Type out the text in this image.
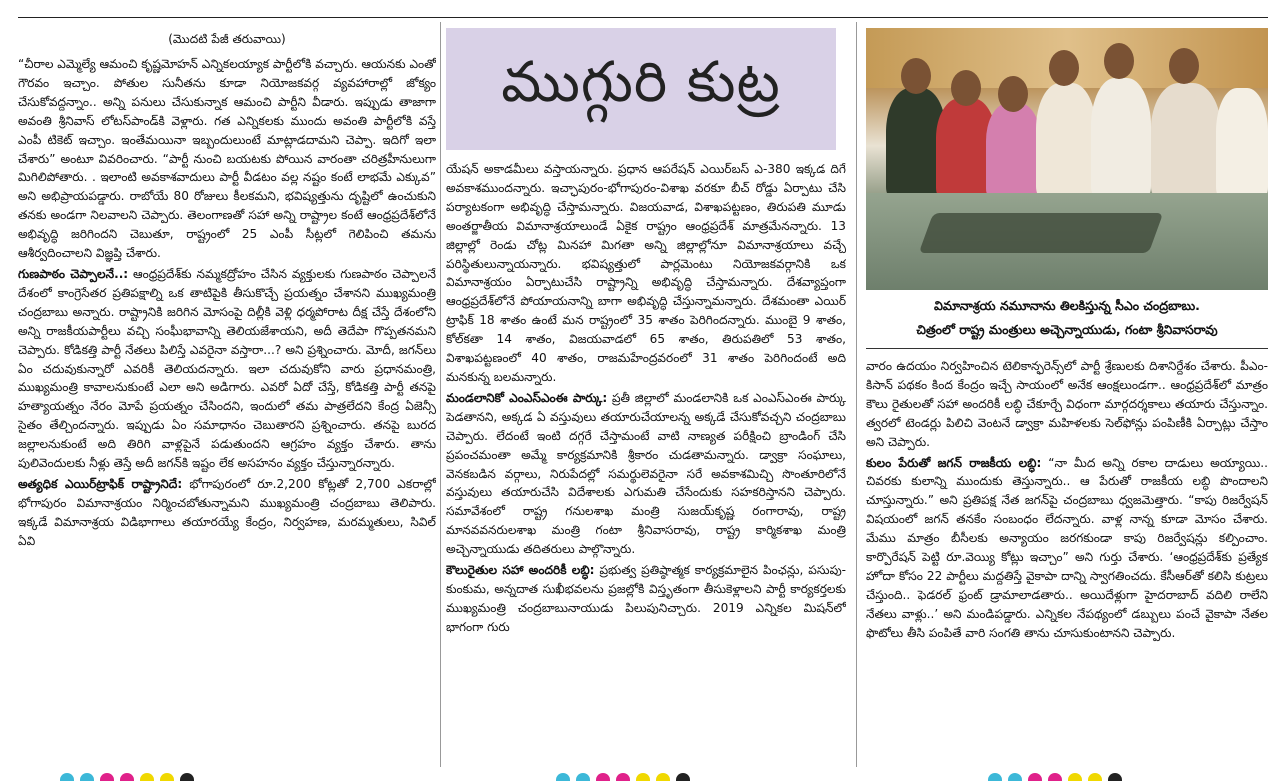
(మొదటి పేజీ తరువాయి)

“చీరాల ఎమ్మెల్యే ఆమంచి కృష్ణమోహన్ ఎన్నికలయ్యాక పార్టీలోకి వచ్చారు. ఆయనకు ఎంతో గౌరవం ఇచ్చాం. పోతుల సునీతను కూడా నియోజకవర్గ వ్యవహారాల్లో జోక్యం చేసుకోవద్దన్నాం.. అన్ని పనులు చేసుకున్నాక ఆమంచి పార్టీని వీడారు. ఇప్పుడు తాజాగా అవంతి శ్రీనివాస్ లోటస్‌పాండ్‌కి వెళ్లారు. గత ఎన్నికలకు ముందు అవంతి పార్టీలోకి వస్తే ఎంపీ టికెట్ ఇచ్చాం. ఇంతేమయినా ఇబ్బందులుంటే మాట్లాడదామని చెప్పా. ఇదిగో ఇలా చేశారు” అంటూ వివరించారు. “పార్టీ నుంచి బయటకు పోయిన వారంతా చరిత్రహీనులుగా మిగిలిపోతారు. . ఇలాంటి అవకాశవాదులు పార్టీ వీడటం వల్ల నష్టం కంటే లాభమే ఎక్కువ” అని అభిప్రాయపడ్డారు. రాబోయే 80 రోజులు కీలకమని, భవిష్యత్తును దృష్టిలో ఉంచుకుని తనకు అండగా నిలవాలని చెప్పారు. తెలంగాణతో సహా అన్ని రాష్ట్రాల కంటే ఆంధ్రప్రదేశ్‌లోనే అభివృద్ధి జరిగిందని చెబుతూ, రాష్ట్రంలో 25 ఎంపీ సీట్లలో గెలిపించి తమను ఆశీర్వదించాలని విజ్ఞప్తి చేశారు.

గుణపాఠం చెప్పాలనే..: ఆంధ్రప్రదేశ్‌కు నమ్మకద్రోహం చేసిన వ్యక్తులకు గుణపాఠం చెప్పాలనే దేశంలో కాంగ్రెసేతర ప్రతిపక్షాల్ని ఒక తాటిపైకి తీసుకొచ్చే ప్రయత్నం చేశానని ముఖ్యమంత్రి చంద్రబాబు అన్నారు. రాష్ట్రానికి జరిగిన మోసంపై దిల్లీకి వెళ్లి ధర్మపోరాట దీక్ష చేస్తే దేశంలోని అన్ని రాజకీయపార్టీలు వచ్చి సంఘీభావాన్ని తెలియజేశాయని, అదీ తెదేపా గొప్పతనమని చెప్పారు. కోడికత్తి పార్టీ నేతలు పిలిస్తే ఎవరైనా వస్తారా...? అని ప్రశ్నించారు. మోదీ, జగన్‌లు ఏం చదువుకున్నారో ఎవరికీ తెలియదన్నారు. ఇలా చదువుకోని వారు ప్రధానమంత్రి, ముఖ్యమంత్రి కావాలనుకుంటే ఎలా అని అడిగారు. ఎవరో ఏదో చేస్తే, కోడికత్తి పార్టీ తనపై హత్యాయత్నం నేరం మోపే ప్రయత్నం చేసిందని, ఇందులో తమ పాత్రలేదని కేంద్ర ఏజెన్సీ సైతం తేల్చిందన్నారు. ఇప్పుడు ఏం సమాధానం చెబుతారని ప్రశ్నించారు. తనపై బురద జల్లాలనుకుంటే అది తిరిగి వాళ్లపైనే పడుతుందని ఆగ్రహం వ్యక్తం చేశారు. తాను పులివెందులకు నీళ్లు తెస్తే అదీ జగన్‌కి ఇష్టం లేక అసహనం వ్యక్తం చేస్తున్నారన్నారు.

అత్యధిక ఎయిర్‌ట్రాఫిక్ రాష్ట్రానిదే: భోగాపురంలో రూ.2,200 కోట్లతో 2,700 ఎకరాల్లో భోగాపురం విమానాశ్రయం నిర్మించబోతున్నామని ముఖ్యమంత్రి చంద్రబాబు తెలిపారు. ఇక్కడే విమానాశ్రయ విడిభాగాలు తయారయ్యే కేంద్రం, నిర్వహణ, మరమ్మతులు, సివిల్ ఏవి

ముగ్గురి కుట్ర

యేషన్ అకాడమీలు వస్తాయన్నారు. ప్రధాన ఆపరేషన్ ఎయిర్‌బస్ ఎ-380 ఇక్కడ దిగే అవకాశముందన్నారు. ఇచ్ఛాపురం-భోగాపురం-విశాఖ వరకూ బీచ్ రోడ్డు ఏర్పాటు చేసి పర్యాటకంగా అభివృద్ధి చేస్తామన్నారు. విజయవాడ, విశాఖపట్టణం, తిరుపతి మూడు అంతర్జాతీయ విమానాశ్రయాలుండే ఏకైక రాష్ట్రం ఆంధ్రప్రదేశ్ మాత్రమేనన్నారు. 13 జిల్లాల్లో రెండు చోట్ల మినహా మిగతా అన్ని జిల్లాల్లోనూ విమానాశ్రయాలు వచ్చే పరిస్థితులున్నాయన్నారు. భవిష్యత్తులో పార్లమెంటు నియోజకవర్గానికి ఒక విమానాశ్రయం ఏర్పాటుచేసి రాష్ట్రాన్ని అభివృద్ధి చేస్తామన్నారు. దేశవ్యాప్తంగా ఆంధ్రప్రదేశ్‌లోనే పోయాయనాన్ని బాగా అభివృద్ధి చేస్తున్నామన్నారు. దేశమంతా ఎయిర్ ట్రాఫిక్ 18 శాతం ఉంటే మన రాష్ట్రంలో 35 శాతం పెరిగిందన్నారు. ముంబై 9 శాతం, కోల్‌కతా 14 శాతం, విజయవాడలో 65 శాతం, తిరుపతిలో 53 శాతం, విశాఖపట్టణంలో 40 శాతం, రాజమహేంద్రవరంలో 31 శాతం పెరిగిందంటే అది మనకున్న బలమన్నారు.

మండలానికో ఎంఎస్‌ఎంఈ పార్కు: ప్రతీ జిల్లాలో మండలానికి ఒక ఎంఎస్‌ఎంఈ పార్కు పెడతానని, అక్కడ ఏ వస్తువులు తయారుచేయాలన్న అక్కడే చేసుకోవచ్చని చంద్రబాబు చెప్పారు. లేదంటే ఇంటి దగ్గరే చేస్తామంటే వాటి నాణ్యత పరీక్షించి బ్రాండింగ్ చేసి ప్రపంచమంతా అమ్మే కార్యక్రమానికి శ్రీకారం చుడతామన్నారు. డ్వాక్రా సంఘాలు, వెనకబడిన వర్గాలు, నిరుపేదల్లో సమర్థులెవరైనా సరే అవకాశమిచ్చి సొంతూరిలోనే వస్తువులు తయారుచేసి విదేశాలకు ఎగుమతి చేసేందుకు సహకరిస్తానని చెప్పారు. సమావేశంలో రాష్ట్ర గనులశాఖ మంత్రి సుజయ్‌కృష్ణ రంగారావు, రాష్ట్ర మానవవనరులశాఖ మంత్రి గంటా శ్రీనివాసరావు, రాష్ట్ర కార్మికశాఖ మంత్రి అచ్చెన్నాయుడు తదితరులు పాల్గొన్నారు.

కౌలురైతుల సహా అందరికీ లబ్ధి: ప్రభుత్వ ప్రతిష్ఠాత్మక కార్యక్రమాలైన పింఛన్లు, పసుపు-కుంకుమ, అన్నదాత సుఖీభవలను ప్రజల్లోకి విస్తృతంగా తీసుకెళ్లాలని పార్టీ కార్యకర్తలకు ముఖ్యమంత్రి చంద్రబాబునాయుడు పిలుపునిచ్చారు. 2019 ఎన్నికల మిషన్‌లో భాగంగా గురు

విమానాశ్రయ నమూనాను తిలకిస్తున్న సీఎం చంద్రబాబు.
చిత్రంలో రాష్ట్ర మంత్రులు అచ్చెన్నాయుడు, గంటా శ్రీనివాసరావు

వారం ఉదయం నిర్వహించిన టెలికాన్ఫరెన్స్‌లో పార్టీ శ్రేణులకు దిశానిర్దేశం చేశారు. పీఎం-కిసాన్ పథకం కింద కేంద్రం ఇచ్చే సాయంలో అనేక ఆంక్షలుండగా.. ఆంధ్రప్రదేశ్‌లో మాత్రం కౌలు రైతులతో సహా అందరికీ లబ్ధి చేకూర్చే విధంగా మార్గదర్శకాలు తయారు చేస్తున్నాం. త్వరలో టెండర్లు పిలిచి వెంటనే డ్వాక్రా మహిళలకు సెల్‌ఫోన్లు పంపిణీకి ఏర్పాట్లు చేస్తాం అని చెప్పారు.

కులం పేరుతో జగన్ రాజకీయ లబ్ధి: “నా మీద అన్ని రకాల దాడులు అయ్యాయి.. చివరకు కులాన్ని ముందుకు తెస్తున్నారు.. ఆ పేరుతో రాజకీయ లబ్ధి పొందాలని చూస్తున్నారు.” అని ప్రతిపక్ష నేత జగన్‌పై చంద్రబాబు ధ్వజమెత్తారు. “కాపు రిజర్వేషన్ విషయంలో జగన్ తనకేం సంబంధం లేదన్నారు. వాళ్ల నాన్న కూడా మోసం చేశారు. మేము మాత్రం బీసీలకు అన్యాయం జరగకుండా కాపు రిజర్వేషన్లు కల్పించాం. కార్పొరేషన్ పెట్టి రూ.వెయ్యి కోట్లు ఇచ్చాం” అని గుర్తు చేశారు. ‘ఆంధ్రప్రదేశ్‌కు ప్రత్యేక హోదా కోసం 22 పార్టీలు మద్దతిస్తే వైకాపా దాన్ని స్వాగతించదు. కేసీఆర్‌తో కలిసి కుట్రలు చేస్తుంది.. ఫెడరల్ ఫ్రంట్ డ్రామాలాడతారు.. అయిదేళ్లుగా హైదరాబాద్ వదిలి రాలేని నేతలు వాళ్లు..’ అని మండిపడ్డారు. ఎన్నికల నేపథ్యంలో డబ్బులు పంచే వైకాపా నేతల ఫొటోలు తీసి పంపితే వారి సంగతి తాను చూసుకుంటానని చెప్పారు.
